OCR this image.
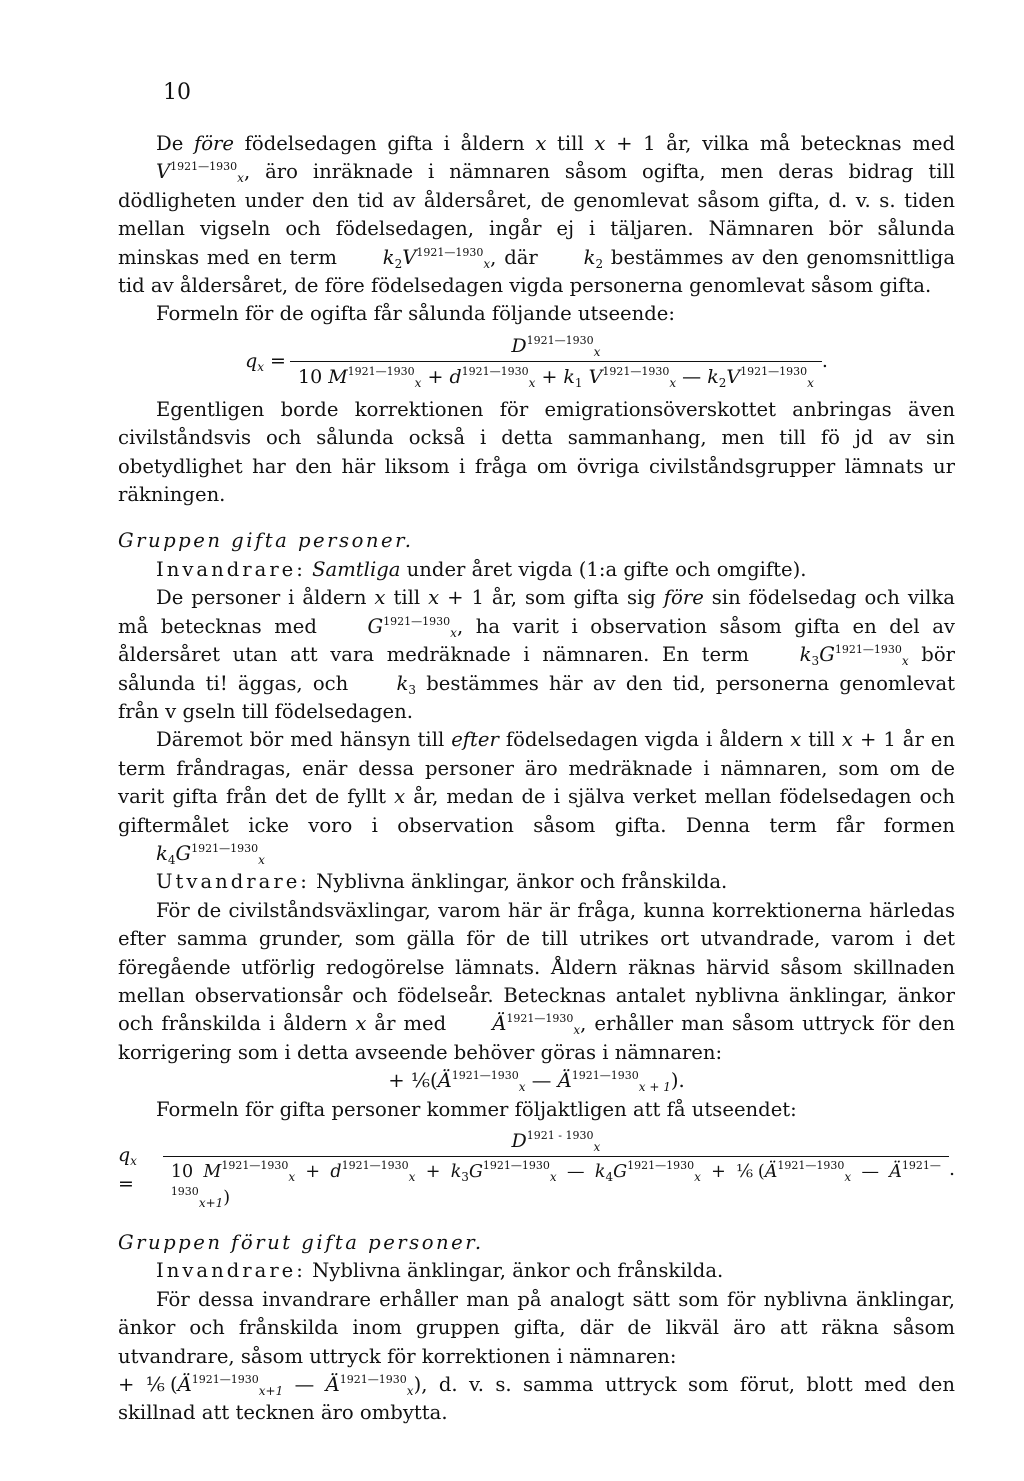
10

De före födelsedagen gifta i åldern x till x + 1 år, vilka må betecknas med $V^{1921—1930}_x$, äro inräknade i nämnaren såsom ogifta, men deras bidrag till dödligheten under den tid av åldersåret, de genomlevat såsom gifta, d. v. s. tiden mellan vigseln och födelsedagen, ingår ej i täljaren. Nämnaren bör sålunda minskas med en term $k_2V^{1921—1930}_x$, där $k_2$ bestämmes av den genomsnittliga tid av åldersåret, de före födelsedagen vigda personerna genomlevat såsom gifta.

Formeln för de ogifta får sålunda följande utseende:

$q_x$ =
$D^{1921—1930}_x$
10 $M^{1921—1930}_x + d^{1921—1930}_x + k_1$ $V^{1921—1930}_x$ — $k_2V^{1921—1930}_x$
.

Egentligen borde korrektionen för emigrationsöverskottet anbringas även civilståndsvis och sålunda också i detta sammanhang, men till fö jd av sin obetydlighet har den här liksom i fråga om övriga civilståndsgrupper lämnats ur räkningen.

Gruppen gifta personer.

Invandrare: Samtliga under året vigda (1:a gifte och omgifte).

De personer i åldern x till x + 1 år, som gifta sig före sin födelsedag och vilka må betecknas med $G^{1921—1930}_x$, ha varit i observation såsom gifta en del av åldersåret utan att vara medräknade i nämnaren. En term $k_3G^{1921—1930}_x$ bör sålunda ti! äggas, och $k_3$ bestämmes här av den tid, personerna genomlevat från v gseln till födelsedagen.

Däremot bör med hänsyn till efter födelsedagen vigda i åldern x till x + 1 år en term fråndragas, enär dessa personer äro medräknade i nämnaren, som om de varit gifta från det de fyllt x år, medan de i själva verket mellan födelsedagen och giftermålet icke voro i observation såsom gifta. Denna term får formen $k_4G^{1921—1930}_x$

Utvandrare: Nyblivna änklingar, änkor och frånskilda.

För de civilståndsväxlingar, varom här är fråga, kunna korrektionerna härledas efter samma grunder, som gälla för de till utrikes ort utvandrade, varom i det föregående utförlig redogörelse lämnats. Åldern räknas härvid såsom skillnaden mellan observationsår och födelseår. Betecknas antalet nyblivna änklingar, änkor och frånskilda i åldern x år med $Ä^{1921—1930}_x$, erhåller man såsom uttryck för den korrigering som i detta avseende behöver göras i nämnaren:

+ $\frac{1}{6}(Ä^{1921—1930}_x$ — $Ä^{1921—1930}_{x + 1}$).

Formeln för gifta personer kommer följaktligen att få utseendet:

$q_x$ =
$D^{1921 - 1930}_x$
10 $M^{1921—1930}_x + d^{1921—1930}_x + k_3G^{1921—1930}_x$ — $k_4G^{1921—1930}_x$ + $\frac{1}{6}(Ä^{1921—1930}_x$ — $Ä^{1921—1930}_{x+1}$)
.

Gruppen förut gifta personer.

Invandrare: Nyblivna änklingar, änkor och frånskilda.

För dessa invandrare erhåller man på analogt sätt som för nyblivna änklingar, änkor och frånskilda inom gruppen gifta, där de likväl äro att räkna såsom utvandrare, såsom uttryck för korrektionen i nämnaren:

+ $\frac{1}{6}(Ä^{1921—1930}_{x+1}$ — $Ä^{1921—1930}_x$), d. v. s. samma uttryck som förut, blott med den skillnad att tecknen äro ombytta.
